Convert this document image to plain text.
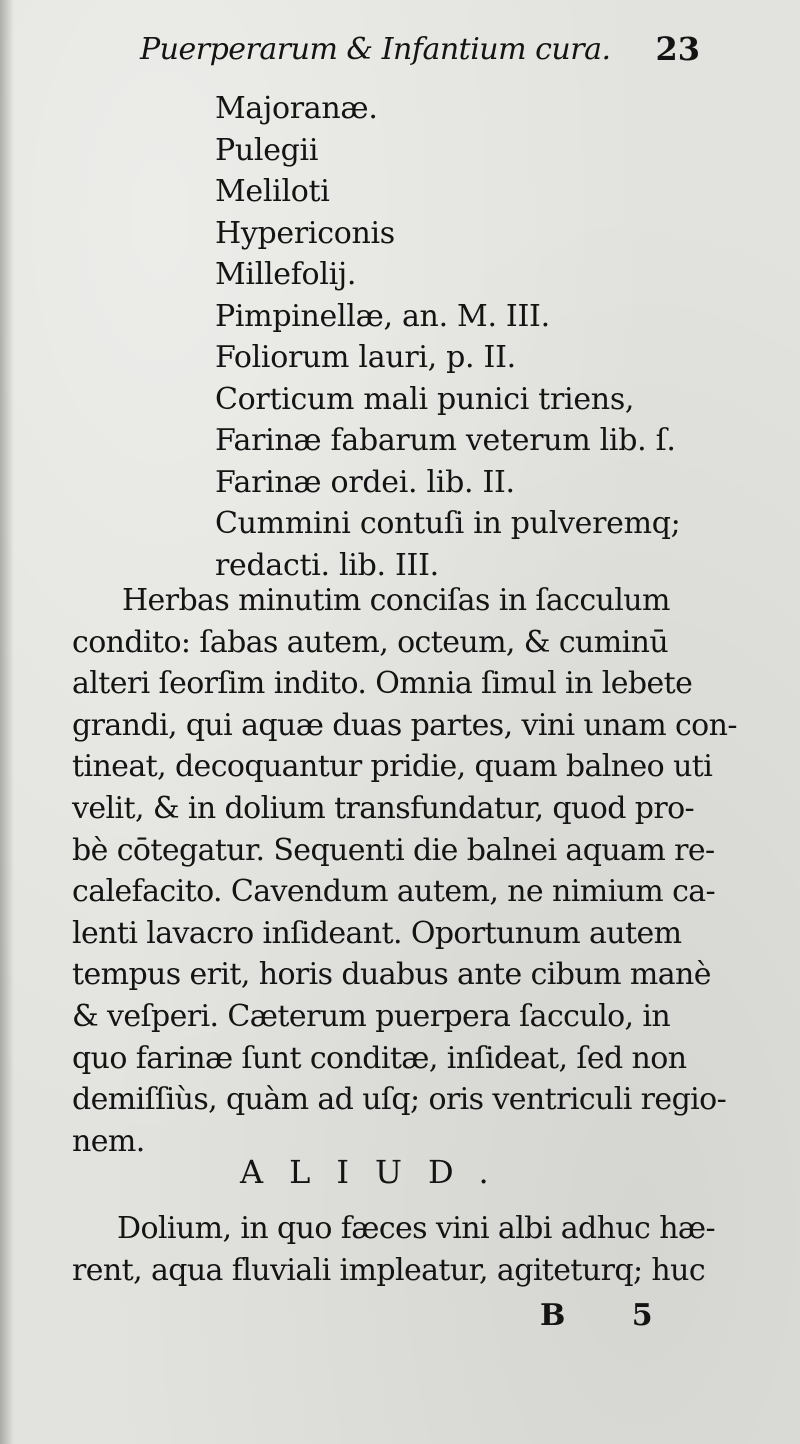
Puerperarum & Infantium cura. 23
Majoranæ.
Pulegii
Meliloti
Hypericonis
Millefolij.
Pimpinellæ, an. M. III.
Foliorum lauri, p. II.
Corticum mali punici triens,
Farinæ fabarum veterum lib. ſ.
Farinæ ordei. lib. II.
Cummini contuſi in pulveremq;
redacti. lib. III.

Herbas minutim conciſas in ſacculum
condito: ſabas autem, octeum, & cuminū
alteri ſeorſim indito. Omnia ſimul in lebete
grandi, qui aquæ duas partes, vini unam con-
tineat, decoquantur pridie, quam balneo uti
velit, & in dolium transfundatur, quod pro-
bè cōtegatur. Sequenti die balnei aquam re-
calefacito. Cavendum autem, ne nimium ca-
lenti lavacro inſideant. Oportunum autem
tempus erit, horis duabus ante cibum manè
& veſperi. Cæterum puerpera ſacculo, in
quo farinæ ſunt conditæ, inſideat, ſed non
demiſſiùs, quàm ad uſq; oris ventriculi regio-
nem.

ALIUD.

Dolium, in quo fæces vini albi adhuc hæ-
rent, aqua fluviali impleatur, agiteturq; huc

B 5
